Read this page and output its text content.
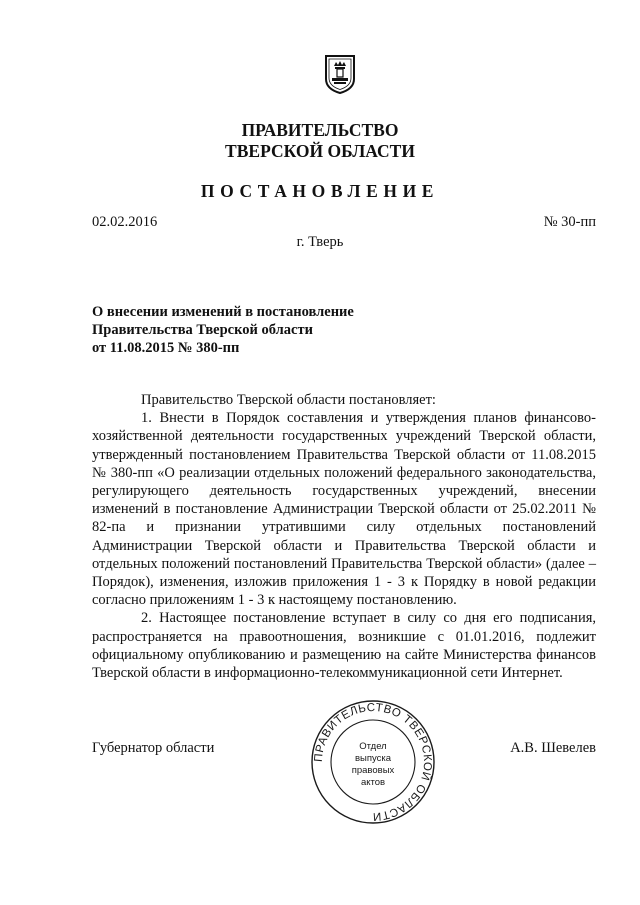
ПРАВИТЕЛЬСТВО
ТВЕРСКОЙ ОБЛАСТИ
ПОСТАНОВЛЕНИЕ
02.02.2016	№ 30-пп
г. Тверь
О внесении изменений в постановление
Правительства Тверской области
от 11.08.2015 № 380-пп

Правительство Тверской области постановляет:

1. Внести в Порядок составления и утверждения планов финансово-хозяйственной деятельности государственных учреждений Тверской области, утвержденный постановлением Правительства Тверской области от 11.08.2015 № 380-пп «О реализации отдельных положений федерального законодательства, регулирующего деятельность государственных учреждений, внесении изменений в постановление Администрации Тверской области от 25.02.2011 № 82-па и признании утратившими силу отдельных постановлений Администрации Тверской области и Правительства Тверской области и отдельных положений постановлений Правительства Тверской области» (далее – Порядок), изменения, изложив приложения 1 - 3 к Порядку в новой редакции согласно приложениям 1 - 3 к настоящему постановлению.

2. Настоящее постановление вступает в силу со дня его подписания, распространяется на правоотношения, возникшие с 01.01.2016, подлежит официальному опубликованию и размещению на сайте Министерства финансов Тверской области в информационно-телекоммуникационной сети Интернет.

Губернатор области	А.В. Шевелев
ПРАВИТЕЛЬСТВО ТВЕРСКОЙ ОБЛАСТИ
Отдел
выпуска
правовых
актов
